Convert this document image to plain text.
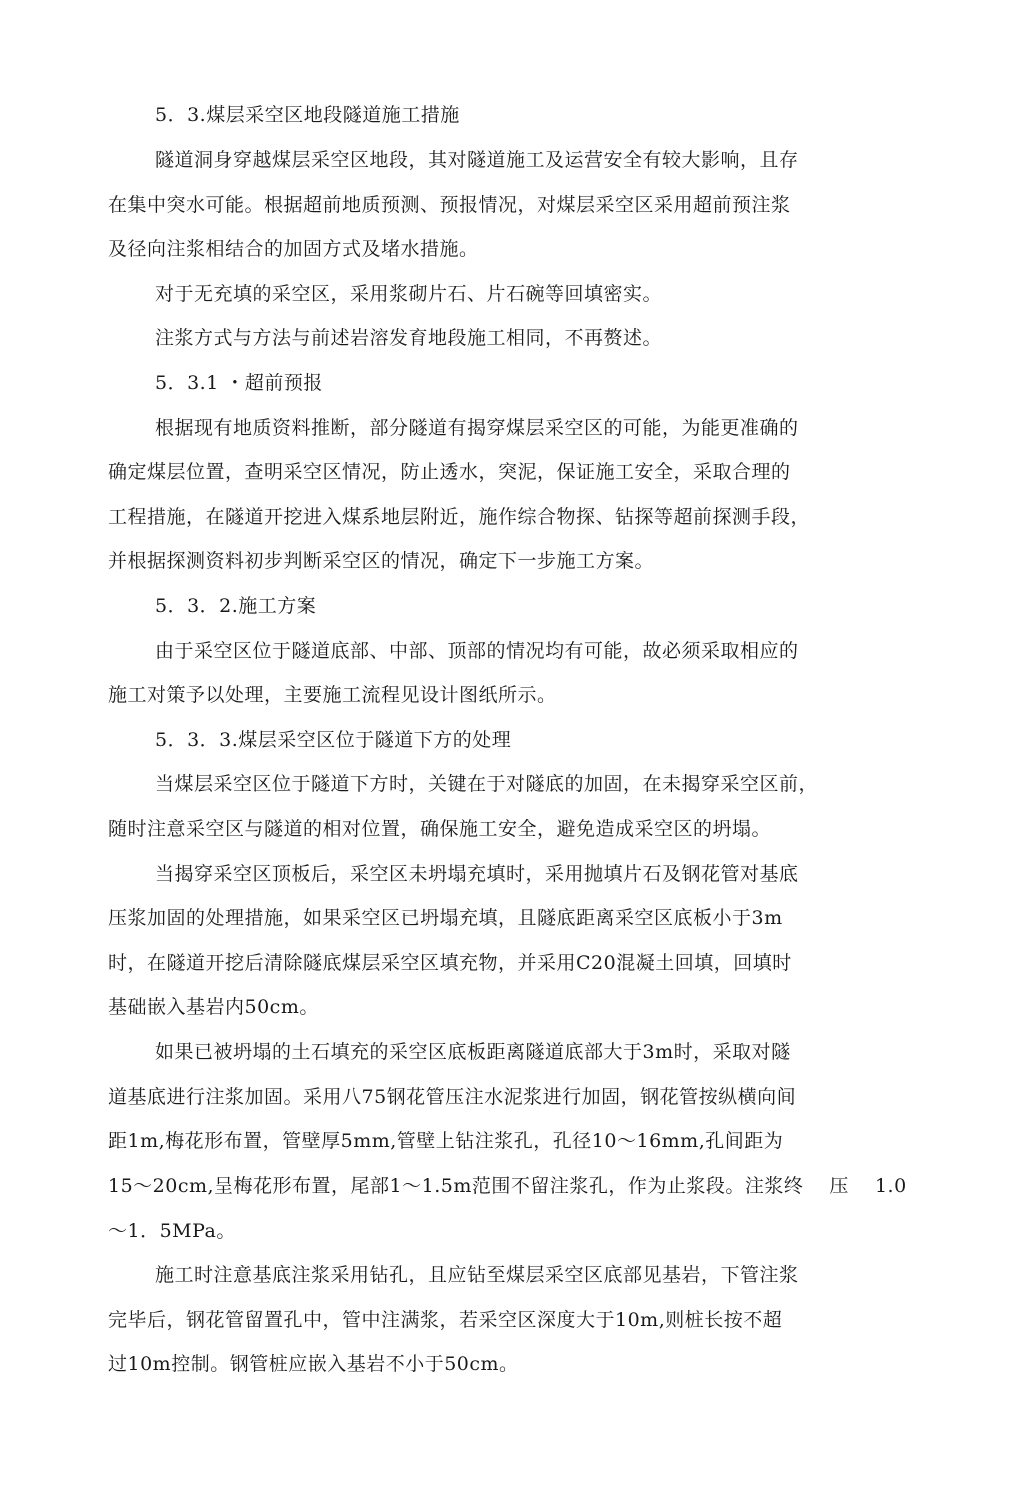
5．3.煤层采空区地段隧道施工措施
隧道洞身穿越煤层采空区地段，其对隧道施工及运营安全有较大影响，且存
在集中突水可能。根据超前地质预测、预报情况，对煤层采空区采用超前预注浆
及径向注浆相结合的加固方式及堵水措施。
对于无充填的采空区，采用浆砌片石、片石碗等回填密实。
注浆方式与方法与前述岩溶发育地段施工相同，不再赘述。
5．3.1 ・超前预报
根据现有地质资料推断，部分隧道有揭穿煤层采空区的可能，为能更准确的
确定煤层位置，查明采空区情况，防止透水，突泥，保证施工安全，采取合理的
工程措施，在隧道开挖进入煤系地层附近，施作综合物探、钻探等超前探测手段，
并根据探测资料初步判断采空区的情况，确定下一步施工方案。
5．3．2.施工方案
由于采空区位于隧道底部、中部、顶部的情况均有可能，故必须采取相应的
施工对策予以处理，主要施工流程见设计图纸所示。
5．3．3.煤层采空区位于隧道下方的处理
当煤层采空区位于隧道下方时，关键在于对隧底的加固，在未揭穿采空区前，
随时注意采空区与隧道的相对位置，确保施工安全，避免造成采空区的坍塌。
当揭穿采空区顶板后，采空区未坍塌充填时，采用抛填片石及钢花管对基底
压浆加固的处理措施，如果采空区已坍塌充填，且隧底距离采空区底板小于3m
时，在隧道开挖后清除隧底煤层采空区填充物，并采用C20混凝土回填，回填时
基础嵌入基岩内50cm。
如果已被坍塌的土石填充的采空区底板距离隧道底部大于3m时，采取对隧
道基底进行注浆加固。采用八75钢花管压注水泥浆进行加固，钢花管按纵横向间
距1m,梅花形布置，管壁厚5mm,管壁上钻注浆孔，孔径10～16mm,孔间距为
15～20cm,呈梅花形布置，尾部1～1.5m范围不留注浆孔，作为止浆段。注浆终　 压　 1.0
～1．5MPa。
施工时注意基底注浆采用钻孔，且应钻至煤层采空区底部见基岩，下管注浆
完毕后，钢花管留置孔中，管中注满浆，若采空区深度大于10m,则桩长按不超
过10m控制。钢管桩应嵌入基岩不小于50cm。
